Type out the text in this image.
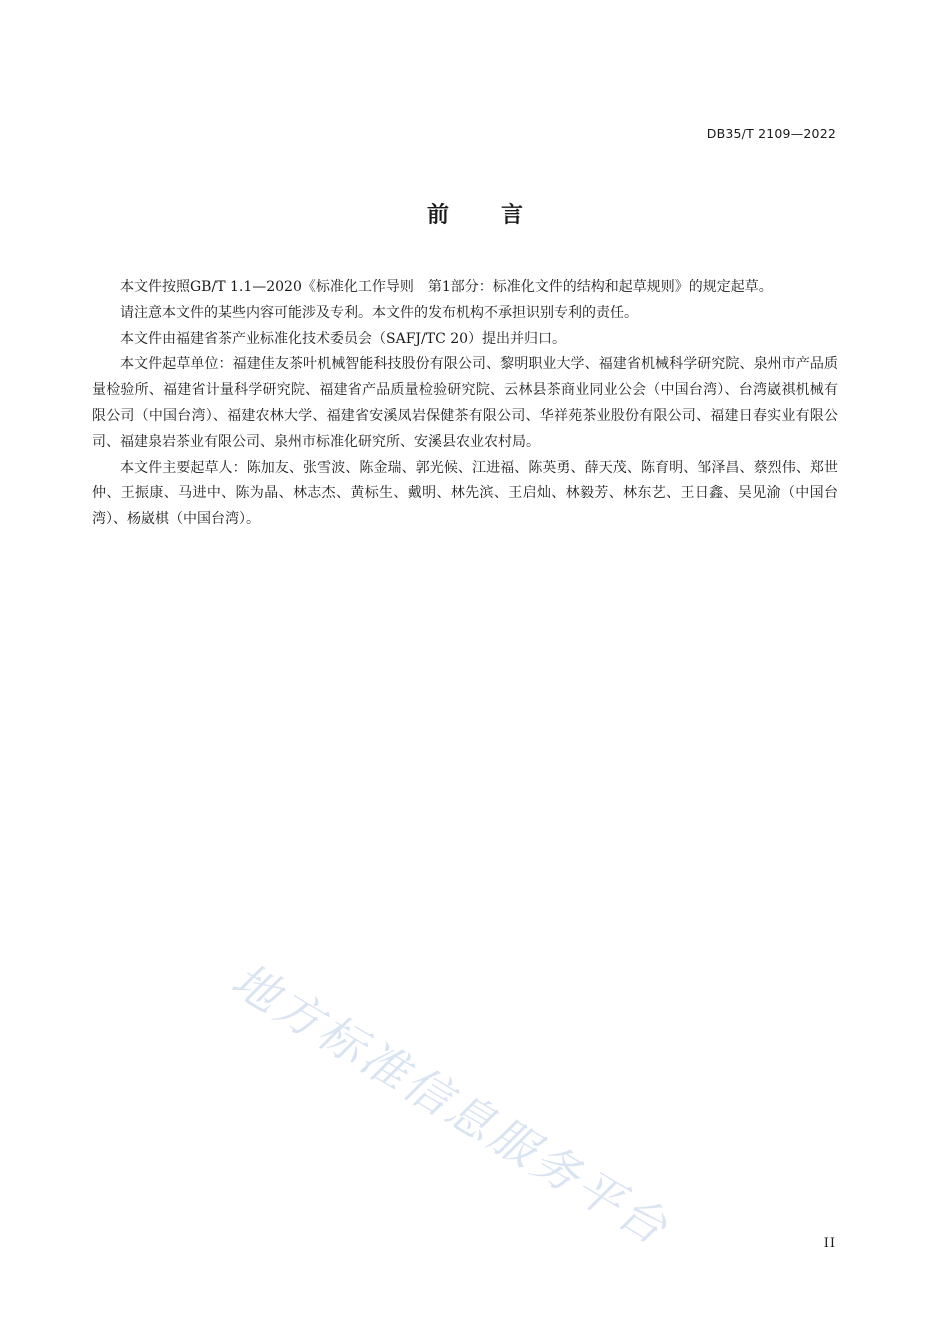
DB35/T 2109—2022
前言

本文件按照GB/T 1.1—2020《标准化工作导则　第1部分：标准化文件的结构和起草规则》的规定起草。

请注意本文件的某些内容可能涉及专利。本文件的发布机构不承担识别专利的责任。

本文件由福建省茶产业标准化技术委员会（SAFJ/TC 20）提出并归口。

本文件起草单位：福建佳友茶叶机械智能科技股份有限公司、黎明职业大学、福建省机械科学研究院、泉州市产品质量检验所、福建省计量科学研究院、福建省产品质量检验研究院、云林县茶商业同业公会（中国台湾）、台湾崴祺机械有限公司（中国台湾）、福建农林大学、福建省安溪凤岩保健茶有限公司、华祥苑茶业股份有限公司、福建日春实业有限公司、福建泉岩茶业有限公司、泉州市标准化研究所、安溪县农业农村局。

本文件主要起草人：陈加友、张雪波、陈金瑞、郭光候、江进福、陈英勇、薛天茂、陈育明、邹泽昌、蔡烈伟、郑世仲、王振康、马进中、陈为晶、林志杰、黄标生、戴明、林先滨、王启灿、林毅芳、林东艺、王日鑫、吴见渝（中国台湾）、杨崴棋（中国台湾）。

地方标准信息服务平台	II
